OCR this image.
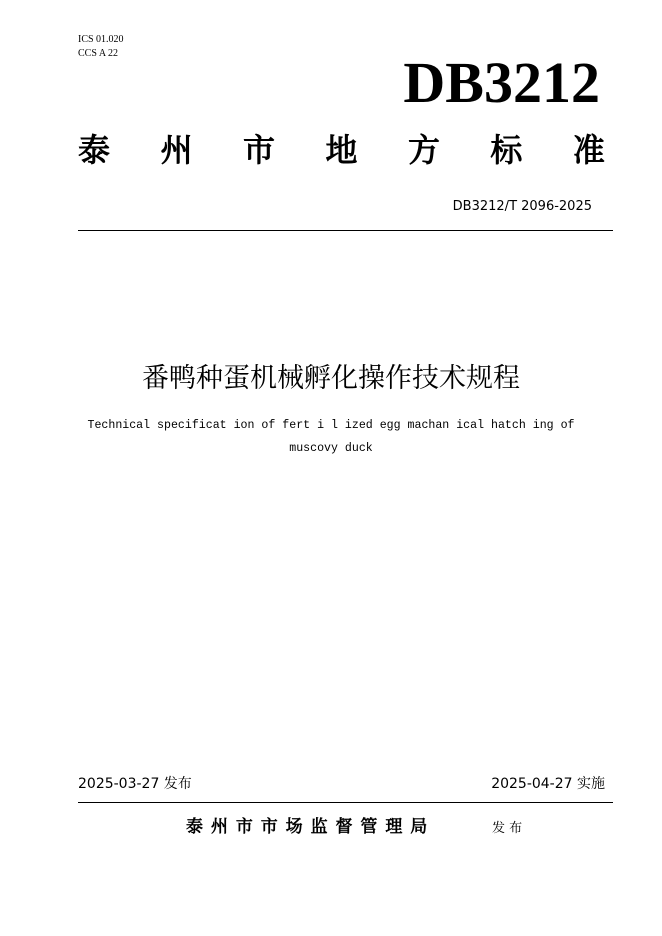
ICS 01.020
CCS A 22	DB3212
泰 州 市 地 方 标 准
DB3212/T 2096-2025
番鸭种蛋机械孵化操作技术规程
Technical specificat ion of fert i l ized egg machan ical hatch ing of
muscovy duck
2025-03-27 发布	2025-04-27 实施
泰 州 市 市 场 监 督 管 理 局	发 布
